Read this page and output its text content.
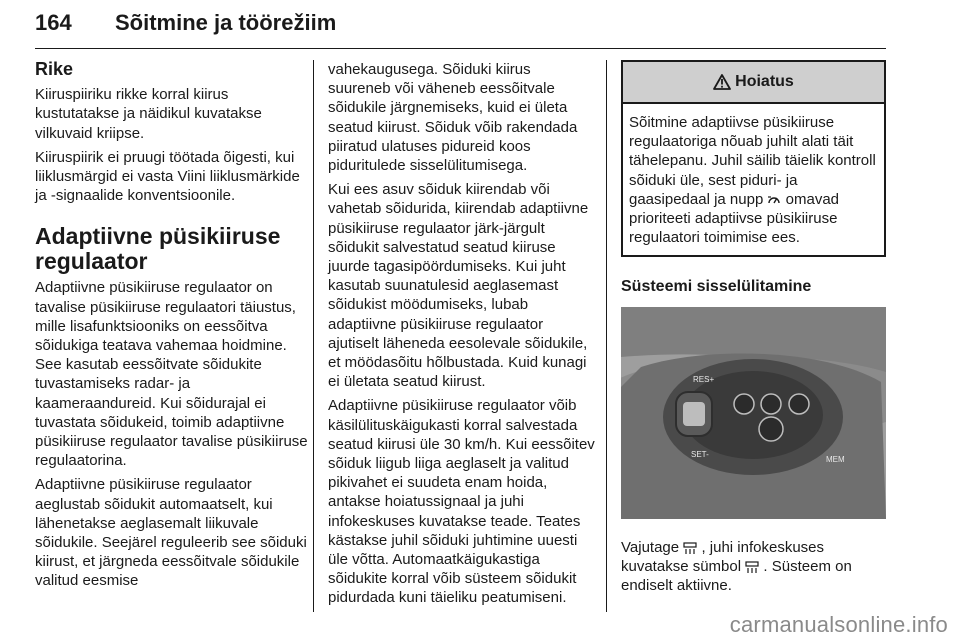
164 Sõitmine ja töörežiim
Rike

Kiiruspiiriku rikke korral kiirus kustutatakse ja näidikul kuvatakse vilkuvaid kriipse.

Kiiruspiirik ei pruugi töötada õigesti, kui liiklusmärgid ei vasta Viini liiklusmärkide ja -signaalide konventsioonile.

Adaptiivne püsikiiruse regulaator

Adaptiivne püsikiiruse regulaator on tavalise püsikiiruse regulaatori täiustus, mille lisafunktsiooniks on eessõitva sõidukiga teatava vahemaa hoidmine. See kasutab eessõitvate sõidukite tuvastamiseks radar- ja kaameraandureid. Kui sõidurajal ei tuvastata sõidukeid, toimib adaptiivne püsikiiruse regulaator tavalise püsikiiruse regulaatorina.

Adaptiivne püsikiiruse regulaator aeglustab sõidukit automaatselt, kui lähenetakse aeglasemalt liikuvale sõidukile. Seejärel reguleerib see sõiduki kiirust, et järgneda eessõitvale sõidukile valitud eesmise

vahekaugusega. Sõiduki kiirus suureneb või väheneb eessõitvale sõidukile järgnemiseks, kuid ei ületa seatud kiirust. Sõiduk võib rakendada piiratud ulatuses pidureid koos piduritulede sisselülitumisega.

Kui ees asuv sõiduk kiirendab või vahetab sõidurida, kiirendab adaptiivne püsikiiruse regulaator järk-järgult sõidukit salvestatud seatud kiiruse juurde tagasipöördumiseks. Kui juht kasutab suunatulesid aeglasemast sõidukist möödumiseks, lubab adaptiivne püsikiiruse regulaator ajutiselt läheneda eesolevale sõidukile, et möödasõitu hõlbustada. Kuid kunagi ei ületata seatud kiirust.

Adaptiivne püsikiiruse regulaator võib käsilülituskäigukasti korral salvestada seatud kiirusi üle 30 km/h. Kui eessõitev sõiduk liigub liiga aeglaselt ja valitud pikivahet ei suudeta enam hoida, antakse hoiatussignaal ja juhi infokeskuses kuvatakse teade. Teates kästakse juhil sõiduki juhtimine uuesti üle võtta. Automaatkäigukastiga sõidukite korral võib süsteem sõidukit pidurdada kuni täieliku peatumiseni.

Hoiatus
Sõitmine adaptiivse püsikiiruse regulaatoriga nõuab juhilt alati täit tähelepanu. Juhil säilib täielik kontroll sõiduki üle, sest piduri- ja gaasipedaal ja nupp omavad prioriteeti adaptiivse püsikiiruse regulaatori toimimise ees.
Süsteemi sisselülitamine
RES+
SET-
MEM

Vajutage , juhi infokeskuses kuvatakse sümbol . Süsteem on endiselt aktiivne.

carmanualsonline.info
